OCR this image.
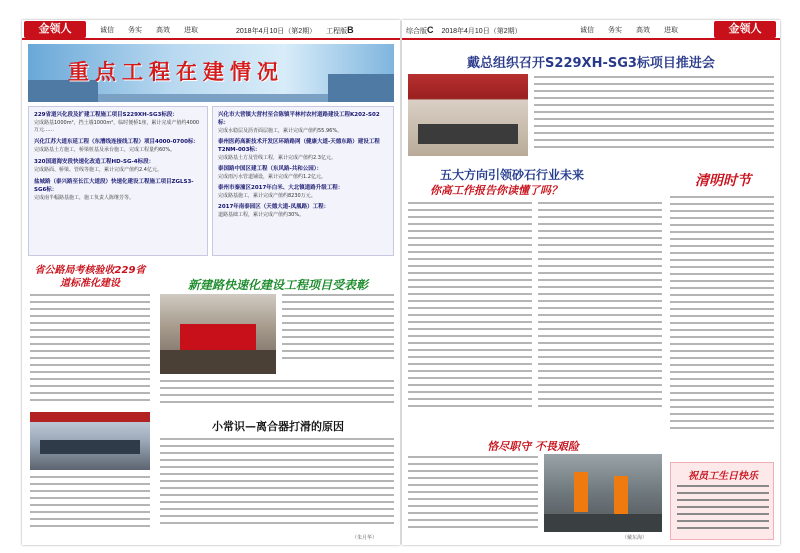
金领人	诚信 务实 高效 进取	2018年4月10日（第2期） 工程版B
重点工程在建情况
229省道兴化段及扩建工程施工项目S229XH-SG3标段：
完成路基1000m²，挡土墙1000m²，临时便桥1座，累计完成产值约4000万元……
兴化江苏大道东延工程（东漕线连接线工程）项目4000-0700标：
完成路基土方施工，桥梁桩基及承台施工，完成工程量约60%。
320国道海安段快速化改造工程HD-SG-4标段：
完成路面、桥梁、管线等施工，累计完成产值约2.4亿元。
盐城路（泰兴路至长江大道段）快速化建设工程施工项目ZGLS3-SG6标：
完成南半幅路基施工，施工负责人陈继芳等。
兴化市大营镇大营村至合陈镇平林村农村道路建设工程K202-S02标：
完成水稳层及沥青面层施工，累计完成产值约55.96%。
泰州医药高新技术开发区环路路网（健康大道-天德东路）建设工程T2NM-003标：
完成路基土方及管线工程，累计完成产值约2.3亿元。
泰国路中国区建工程（东风路-共和公园）：
完成雨污水管道铺设，累计完成产值约1.2亿元。
泰州市秦潼区2017年白米、大北镇道路升级工程：
完成路基施工，累计完成产值约8230万元。
2017年南泰园区（天德大道-凤凰路）工程：
道路基础工程，累计完成产值约30%。
省公路局考核验收229省道标准化建设	新建路快速化建设工程项目受表彰
小常识—离合器打滑的原因
（朱月华）
综合版C 2018年4月10日（第2期）	诚信 务实 高效 进取	金领人
戴总组织召开S229XH-SG3标项目推进会
五大方向引领砂石行业未来
你高工作报告你读懂了吗？
清明时节
恪尽职守 不畏艰险
（戴东海）
祝员工生日快乐
